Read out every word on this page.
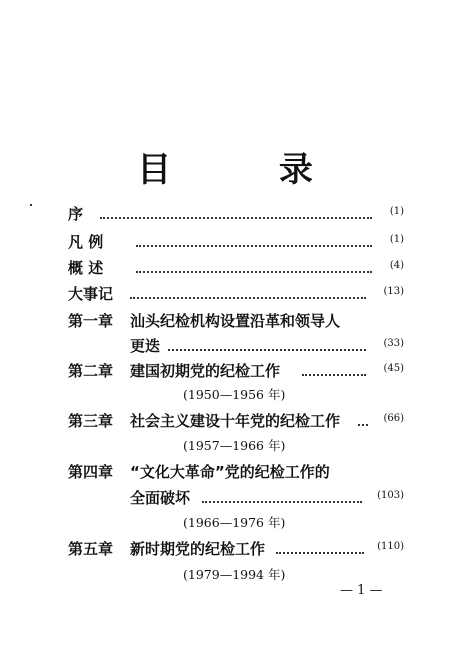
目 录
序	(1)
凡 例	(1)
概 述	(4)
大事记	(13)
第一章 汕头纪检机构设置沿革和领导人
更迭	(33)
第二章 建国初期党的纪检工作	(45)
(1950—1956 年)
第三章 社会主义建设十年党的纪检工作	(66)
(1957—1966 年)
第四章 “文化大革命”党的纪检工作的
全面破坏	(103)
(1966—1976 年)
第五章 新时期党的纪检工作	(110)
(1979—1994 年)
— 1 —
